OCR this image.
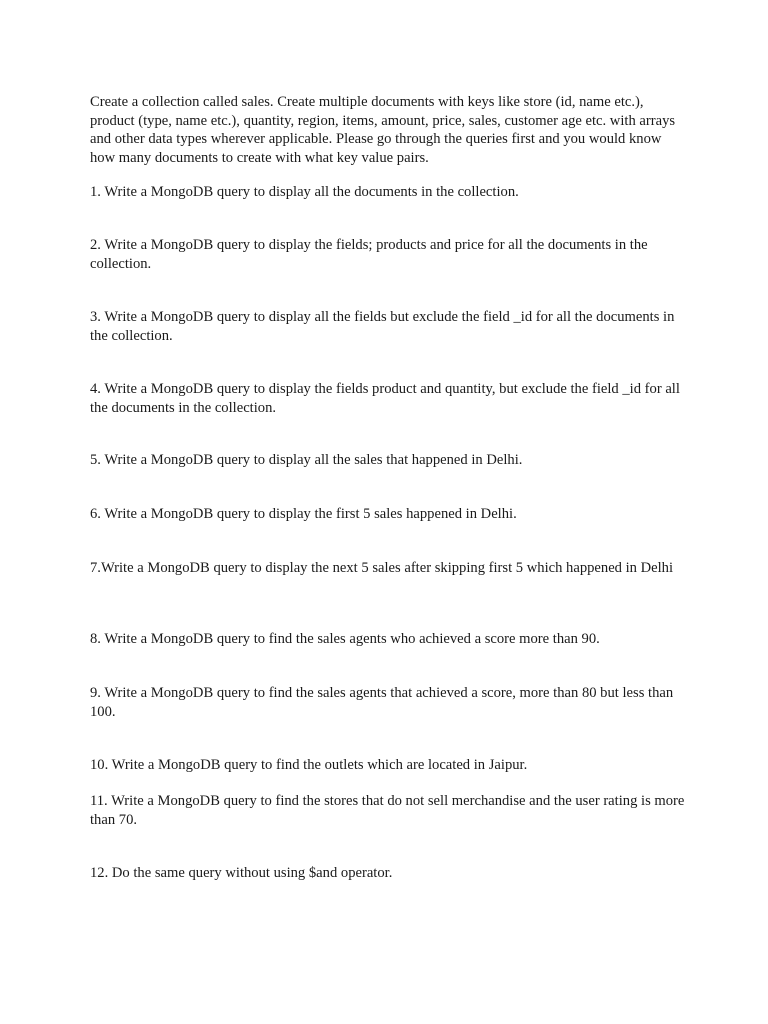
Create a collection called sales. Create multiple documents with keys like store (id, name etc.), product (type, name etc.), quantity, region, items, amount, price, sales, customer age etc. with arrays and other data types wherever applicable. Please go through the queries first and you would know how many documents to create with what key value pairs.

1. Write a MongoDB query to display all the documents in the collection.

2. Write a MongoDB query to display the fields; products and price for all the documents in the collection.

3. Write a MongoDB query to display all the fields but exclude the field _id for all the documents in the collection.

4. Write a MongoDB query to display the fields product and quantity, but exclude the field _id for all the documents in the collection.

5. Write a MongoDB query to display all the sales that happened in Delhi.

6. Write a MongoDB query to display the first 5 sales happened in Delhi.

7.Write a MongoDB query to display the next 5 sales after skipping first 5 which happened in Delhi

8. Write a MongoDB query to find the sales agents who achieved a score more than 90.

9. Write a MongoDB query to find the sales agents that achieved a score, more than 80 but less than 100.

10. Write a MongoDB query to find the outlets which are located in Jaipur.

11. Write a MongoDB query to find the stores that do not sell merchandise and the user rating is more than 70.

12. Do the same query without using $and operator.
